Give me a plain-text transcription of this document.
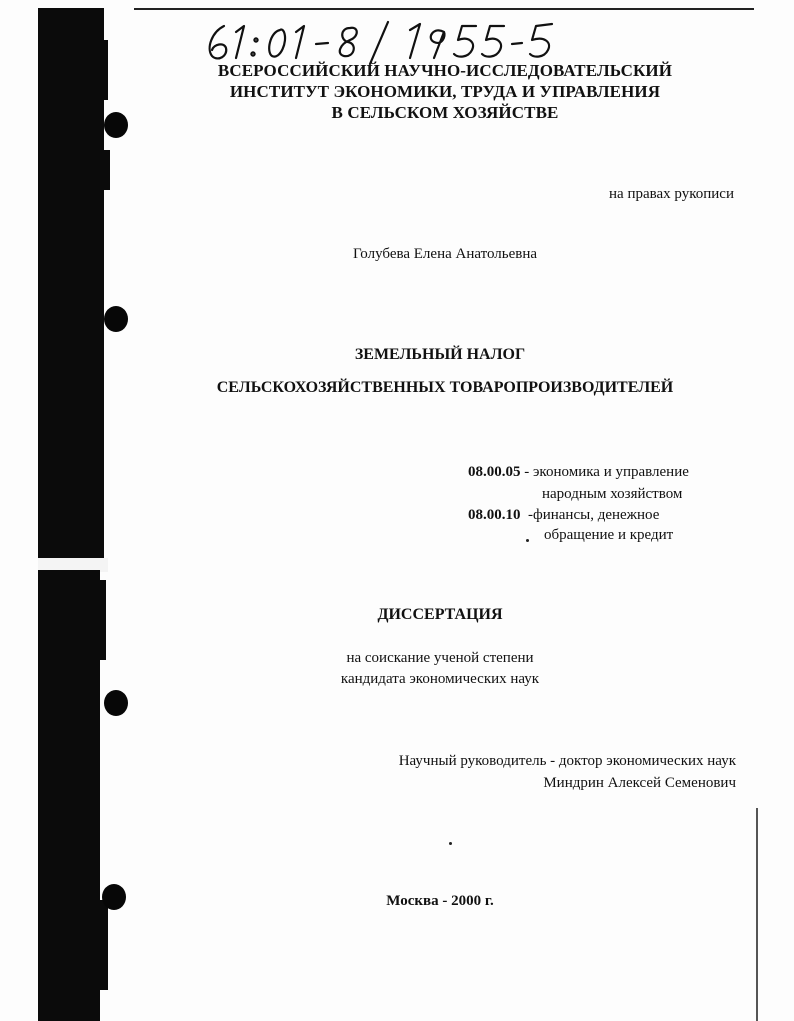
ВСЕРОССИЙСКИЙ НАУЧНО-ИССЛЕДОВАТЕЛЬСКИЙ
ИНСТИТУТ ЭКОНОМИКИ, ТРУДА И УПРАВЛЕНИЯ
В СЕЛЬСКОМ ХОЗЯЙСТВЕ
на правах рукописи
Голубева Елена Анатольевна
ЗЕМЕЛЬНЫЙ НАЛОГ
СЕЛЬСКОХОЗЯЙСТВЕННЫХ ТОВАРОПРОИЗВОДИТЕЛЕЙ
08.00.05 - экономика и управление
народным хозяйством
08.00.10  -финансы, денежное
обращение и кредит
ДИССЕРТАЦИЯ
на соискание ученой степени
кандидата экономических наук
Научный руководитель - доктор экономических наук
Миндрин Алексей Семенович
Москва - 2000 г.
